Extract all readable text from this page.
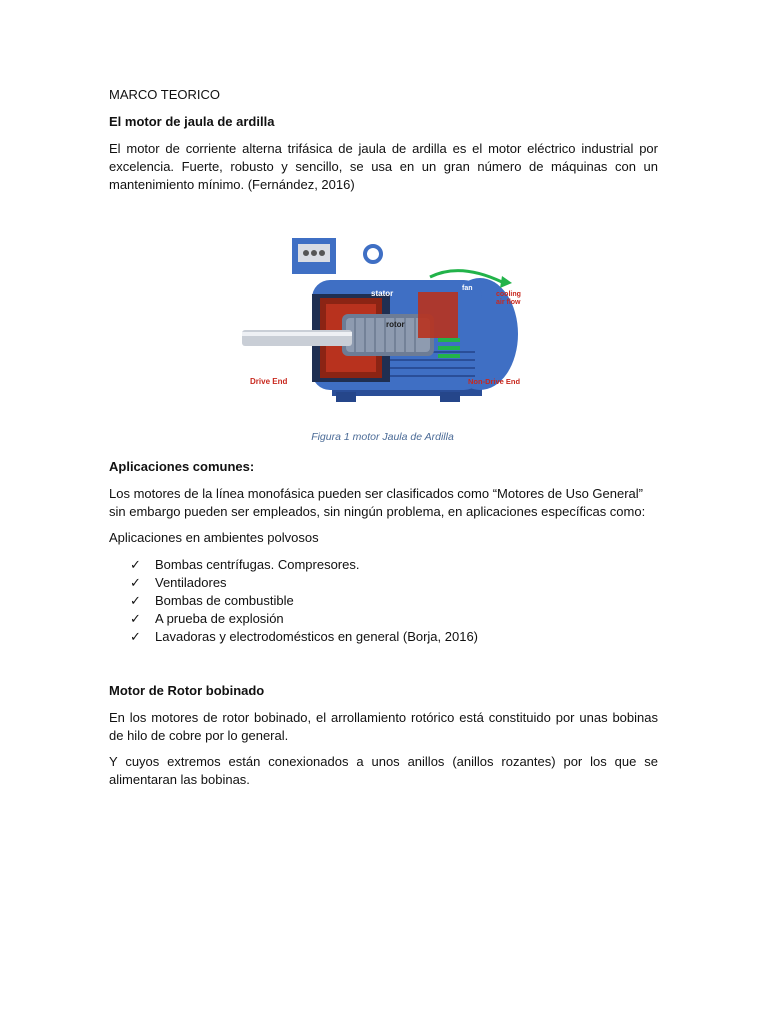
MARCO TEORICO
El motor de jaula de ardilla
El motor de corriente alterna trifásica de jaula de ardilla es el motor eléctrico industrial por excelencia. Fuerte, robusto y sencillo, se usa en un gran número de máquinas con un mantenimiento mínimo. (Fernández, 2016)
stator
rotor
fan
cooling
air flow
Drive End	Non-Drive End
Figura 1 motor Jaula de Ardilla
Aplicaciones comunes:
Los motores de la línea monofásica pueden ser clasificados como “Motores de Uso General”
sin embargo pueden ser empleados, sin ningún problema, en aplicaciones específicas como:
Aplicaciones en ambientes polvosos
✓ Bombas centrífugas. Compresores.
✓ Ventiladores
✓ Bombas de combustible
✓ A prueba de explosión
✓ Lavadoras y electrodomésticos en general (Borja, 2016)
Motor de Rotor bobinado
En los motores de rotor bobinado, el arrollamiento rotórico está constituido por unas bobinas de hilo de cobre por lo general.
Y cuyos extremos están conexionados a unos anillos (anillos rozantes) por los que se alimentaran las bobinas.
